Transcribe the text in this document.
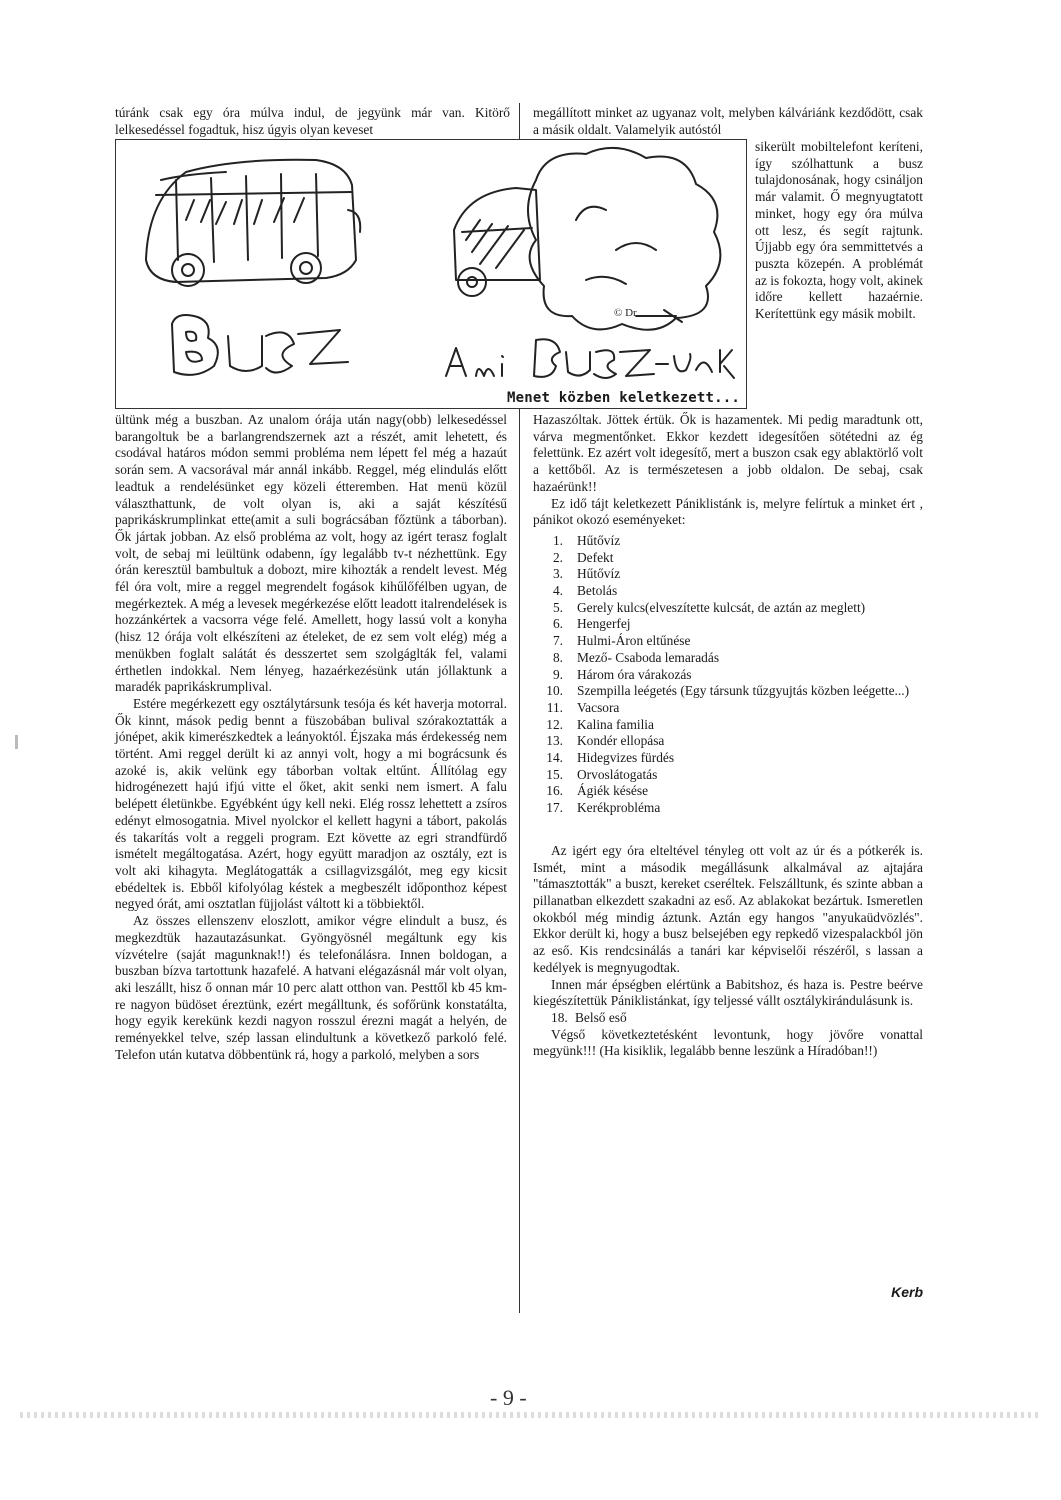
túránk csak egy óra múlva indul, de jegyünk már van. Kitörő lelkesedéssel fogadtuk, hisz úgyis olyan keveset

megállított minket az ugyanaz volt, melyben kálváriánk kezdődött, csak a másik oldalt. Valamelyik autóstól

© Dr
Busz	A mi Busz-unk!	Menet közben keletkezett...

sikerült mobiltelefont keríteni, így szólhattunk a busz tulajdonosának, hogy csináljon már valamit. Ő megnyugtatott minket, hogy egy óra múlva ott lesz, és segít rajtunk. Újjabb egy óra semmittetvés a puszta közepén. A problémát az is fokozta, hogy volt, akinek időre kellett hazaérnie. Kerítettünk egy másik mobilt.

ültünk még a buszban. Az unalom órája után nagy(obb) lelkesedéssel barangoltuk be a barlangrendszernek azt a részét, amit lehetett, és csodával határos módon semmi probléma nem lépett fel még a hazaút során sem. A vacsorával már annál inkább. Reggel, még elindulás előtt leadtuk a rendelésünket egy közeli étteremben. Hat menü közül választhattunk, de volt olyan is, aki a saját készítésű paprikáskrumplinkat ette(amit a suli bográcsában főztünk a táborban). Ők jártak jobban. Az első probléma az volt, hogy az igért terasz foglalt volt, de sebaj mi leültünk odabenn, így legalább tv-t nézhettünk. Egy órán keresztül bambultuk a dobozt, mire kihozták a rendelt levest. Még fél óra volt, mire a reggel megrendelt fogások kihűlőfélben ugyan, de megérkeztek. A még a levesek megérkezése előtt leadott italrendelések is hozzánkértek a vacsorra vége felé. Amellett, hogy lassú volt a konyha (hisz 12 órája volt elkészíteni az ételeket, de ez sem volt elég) még a menükben foglalt salátát és desszertet sem szolgáglták fel, valami érthetlen indokkal. Nem lényeg, hazaérkezésünk után jóllaktunk a maradék paprikáskrumplival.

Estére megérkezett egy osztálytársunk tesója és két haverja motorral. Ők kinnt, mások pedig bennt a füszobában bulival szórakoztatták a jónépet, akik kimerészkedtek a leányoktól. Éjszaka más érdekesség nem történt. Ami reggel derült ki az annyi volt, hogy a mi bográcsunk és azoké is, akik velünk egy táborban voltak eltűnt. Állítólag egy hidrogénezett hajú ifjú vitte el őket, akit senki nem ismert. A falu belépett életünkbe. Egyébként úgy kell neki. Elég rossz lehettett a zsíros edényt elmosogatnia. Mivel nyolckor el kellett hagyni a tábort, pakolás és takarítás volt a reggeli program. Ezt követte az egri strandfürdő ismételt megáltogatása. Azért, hogy együtt maradjon az osztály, ezt is volt aki kihagyta. Meglátogatták a csillagvizsgálót, meg egy kicsit ebédeltek is. Ebből kifolyólag késtek a megbeszélt időponthoz képest negyed órát, ami osztatlan füjjolást váltott ki a többiektől.

Az összes ellenszenv eloszlott, amikor végre elindult a busz, és megkezdtük hazautazásunkat. Gyöngyösnél megáltunk egy kis vízvételre (saját magunknak!!) és telefonálásra. Innen boldogan, a buszban bízva tartottunk hazafelé. A hatvani elégazásnál már volt olyan, aki leszállt, hisz ő onnan már 10 perc alatt otthon van. Pesttől kb 45 km-re nagyon büdöset éreztünk, ezért megálltunk, és sofőrünk konstatálta, hogy egyik kerekünk kezdi nagyon rosszul érezni magát a helyén, de reményekkel telve, szép lassan elindultunk a következő parkoló felé. Telefon után kutatva döbbentünk rá, hogy a parkoló, melyben a sors

Hazaszóltak. Jöttek értük. Ők is hazamentek. Mi pedig maradtunk ott, várva megmentőnket. Ekkor kezdett idegesítően sötétedni az ég felettünk. Ez azért volt idegesítő, mert a buszon csak egy ablaktörlő volt a kettőből. Az is természetesen a jobb oldalon. De sebaj, csak hazaérünk!!

Ez idő tájt keletkezett Pániklistánk is, melyre felírtuk a minket ért , pánikot okozó eseményeket:

1.	Hűtővíz
2.	Defekt
3.	Hűtővíz
4.	Betolás
5.	Gerely kulcs(elveszítette kulcsát, de aztán az meglett)
6.	Hengerfej
7.	Hulmi-Áron eltűnése
8.	Mező- Csaboda lemaradás
9.	Három óra várakozás
10.	Szempilla leégetés (Egy társunk tűzgyujtás közben leégette...)
11.	Vacsora
12.	Kalina familia
13.	Kondér ellopása
14.	Hidegvizes fürdés
15.	Orvoslátogatás
16.	Ágiék késése
17.	Kerékprobléma

Az igért egy óra elteltével tényleg ott volt az úr és a pótkerék is. Ismét, mint a második megállásunk alkalmával az ajtajára "támasztották" a buszt, kereket cseréltek. Felszálltunk, és szinte abban a pillanatban elkezdett szakadni az eső. Az ablakokat bezártuk. Ismeretlen okokból még mindig áztunk. Aztán egy hangos "anyukaüdvözlés". Ekkor derült ki, hogy a busz belsejében egy repkedő vizespalackból jön az eső. Kis rendcsinálás a tanári kar képviselői részéről, s lassan a kedélyek is megnyugodtak.

Innen már épségben elértünk a Babitshoz, és haza is. Pestre beérve kiegészítettük Pániklistánkat, így teljessé vállt osztálykirándulásunk is.

18. Belső eső

Végső következtetésként levontunk, hogy jövőre vonattal megyünk!!! (Ha kisiklik, legalább benne leszünk a Híradóban!!)

Kerb
- 9 -
